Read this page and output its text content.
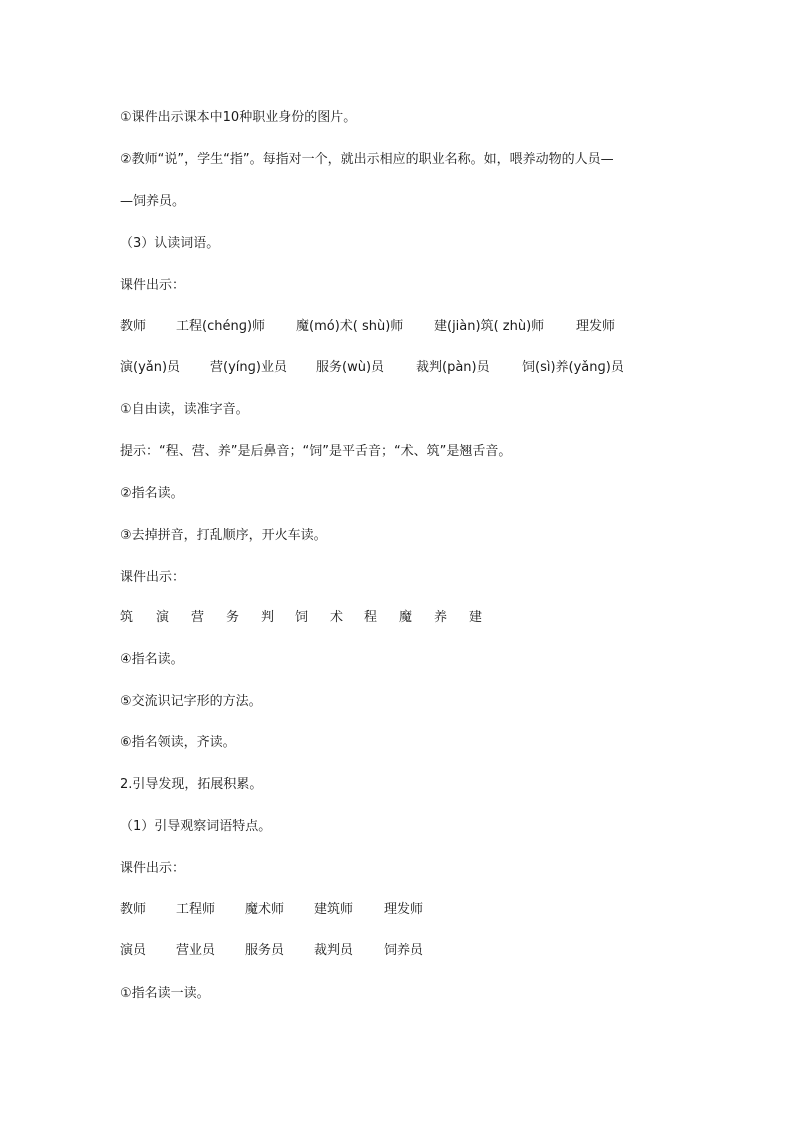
①课件出示课本中10种职业身份的图片。
②教师“说”，学生“指”。每指对一个，就出示相应的职业名称。如，喂养动物的人员—
—饲养员。
（3）认读词语。
课件出示：
教师 工程(chénɡ)师 魔(mó)术( shù)师 建(jiàn)筑( zhù)师 理发师
演(yǎn)员 营(yínɡ)业员 服务(wù)员 裁判(pàn)员 饲(sì)养(yǎnɡ)员
①自由读，读准字音。
提示：“程、营、养”是后鼻音；“饲”是平舌音；“术、筑”是翘舌音。
②指名读。
③去掉拼音，打乱顺序，开火车读。
课件出示：
筑 演 营 务 判 饲 术 程 魔 养 建
④指名读。
⑤交流识记字形的方法。
⑥指名领读，齐读。
2.引导发现，拓展积累。
（1）引导观察词语特点。
课件出示：
教师 工程师 魔术师 建筑师 理发师
演员 营业员 服务员 裁判员 饲养员
①指名读一读。
